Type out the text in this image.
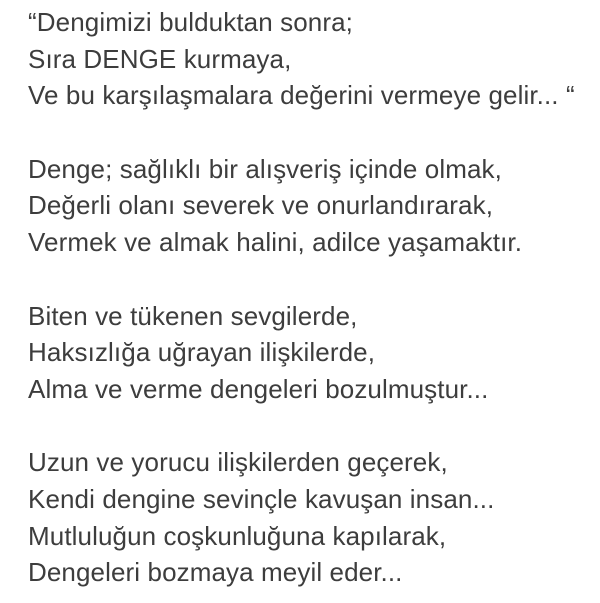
“Dengimizi bulduktan sonra;
Sıra DENGE kurmaya,
Ve bu karşılaşmalara değerini vermeye gelir... “
Denge; sağlıklı bir alışveriş içinde olmak,
Değerli olanı severek ve onurlandırarak,
Vermek ve almak halini, adilce yaşamaktır.
Biten ve tükenen sevgilerde,
Haksızlığa uğrayan ilişkilerde,
Alma ve verme dengeleri bozulmuştur...
Uzun ve yorucu ilişkilerden geçerek,
Kendi dengine sevinçle kavuşan insan...
Mutluluğun coşkunluğuna kapılarak,
Dengeleri bozmaya meyil eder...
